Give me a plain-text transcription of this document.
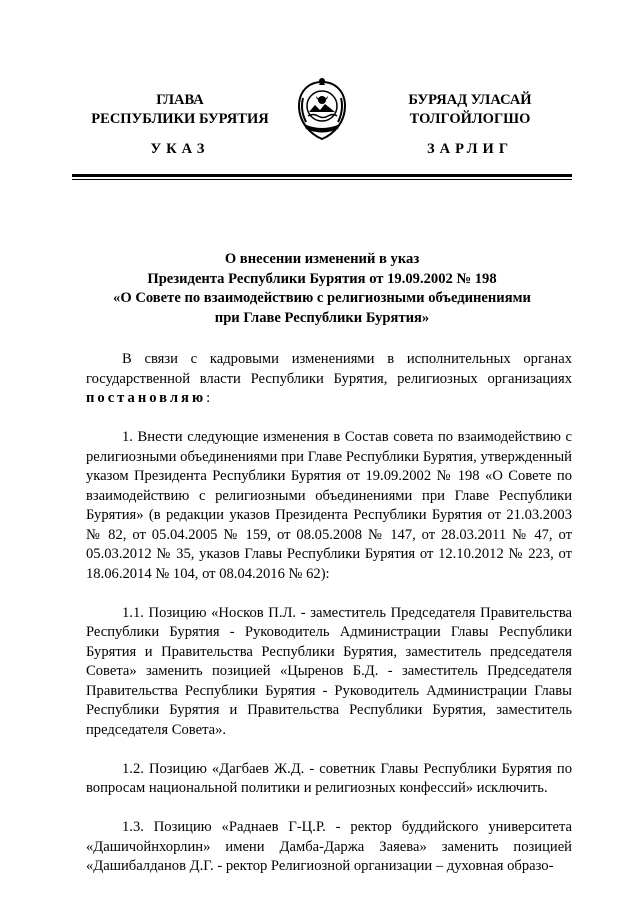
ГЛАВА
РЕСПУБЛИКИ БУРЯТИЯ
УКАЗ
БУРЯАД УЛАСАЙ
ТОЛГОЙЛОГШО
ЗАРЛИГ
О внесении изменений в указ
Президента Республики Бурятия от 19.09.2002 № 198
«О Совете по взаимодействию с религиозными объединениями
при Главе Республики Бурятия»

В связи с кадровыми изменениями в исполнительных органах государственной власти Республики Бурятия, религиозных организациях постановляю:

1. Внести следующие изменения в Состав совета по взаимодействию с религиозными объединениями при Главе Республики Бурятия, утвержденный указом Президента Республики Бурятия от 19.09.2002 № 198 «О Совете по взаимодействию с религиозными объединениями при Главе Республики Бурятия» (в редакции указов Президента Республики Бурятия от 21.03.2003 № 82, от 05.04.2005 № 159, от 08.05.2008 № 147, от 28.03.2011 № 47, от 05.03.2012 № 35, указов Главы Республики Бурятия от 12.10.2012 № 223, от 18.06.2014 № 104, от 08.04.2016 № 62):

1.1. Позицию «Носков П.Л. - заместитель Председателя Правительства Республики Бурятия - Руководитель Администрации Главы Республики Бурятия и Правительства Республики Бурятия, заместитель председателя Совета» заменить позицией «Цыренов Б.Д. - заместитель Председателя Правительства Республики Бурятия - Руководитель Администрации Главы Республики Бурятия и Правительства Республики Бурятия, заместитель председателя Совета».

1.2. Позицию «Дагбаев Ж.Д. - советник Главы Республики Бурятия по вопросам национальной политики и религиозных конфессий» исключить.

1.3. Позицию «Раднаев Г-Ц.Р. - ректор буддийского университета «Дашичойнхорлин» имени Дамба-Даржа Заяева» заменить позицией «Дашибалданов Д.Г. - ректор Религиозной организации – духовная образо-
